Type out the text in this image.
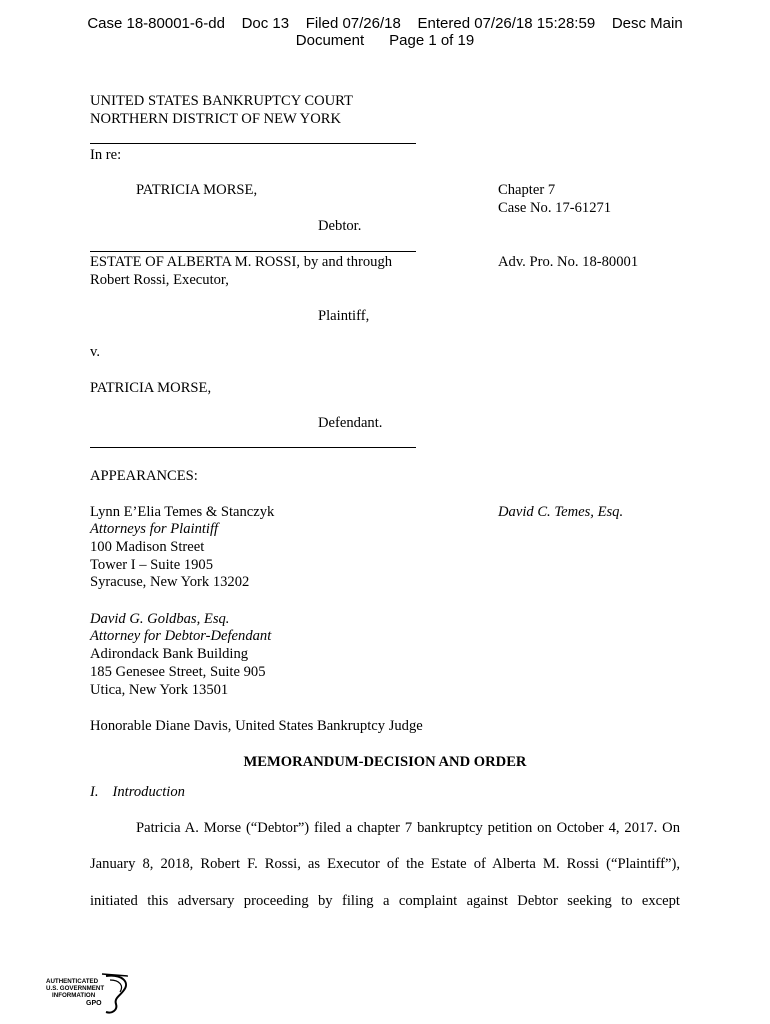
Case 18-80001-6-dd    Doc 13    Filed 07/26/18    Entered 07/26/18 15:28:59    Desc Main
Document      Page 1 of 19
UNITED STATES BANKRUPTCY COURT
NORTHERN DISTRICT OF NEW YORK
In re:
PATRICIA MORSE,	Chapter 7
Case No. 17-61271
Debtor.
ESTATE OF ALBERTA M. ROSSI, by and through
Robert Rossi, Executor,
Adv. Pro. No. 18-80001
Plaintiff,
v.
PATRICIA MORSE,
Defendant.
APPEARANCES:
Lynn E’Elia Temes & Stanczyk
Attorneys for Plaintiff
100 Madison Street
Tower I – Suite 1905
Syracuse, New York 13202
David C. Temes, Esq.
David G. Goldbas, Esq.
Attorney for Debtor-Defendant
Adirondack Bank Building
185 Genesee Street, Suite 905
Utica, New York 13501
Honorable Diane Davis, United States Bankruptcy Judge
MEMORANDUM-DECISION AND ORDER
I. Introduction
Patricia A. Morse (“Debtor”) filed a chapter 7 bankruptcy petition on October 4, 2017. On
January 8, 2018, Robert F. Rossi, as Executor of the Estate of Alberta M. Rossi (“Plaintiff”),
initiated this adversary proceeding by filing a complaint against Debtor seeking to except
AUTHENTICATED
U.S. GOVERNMENT
INFORMATION
GPO
